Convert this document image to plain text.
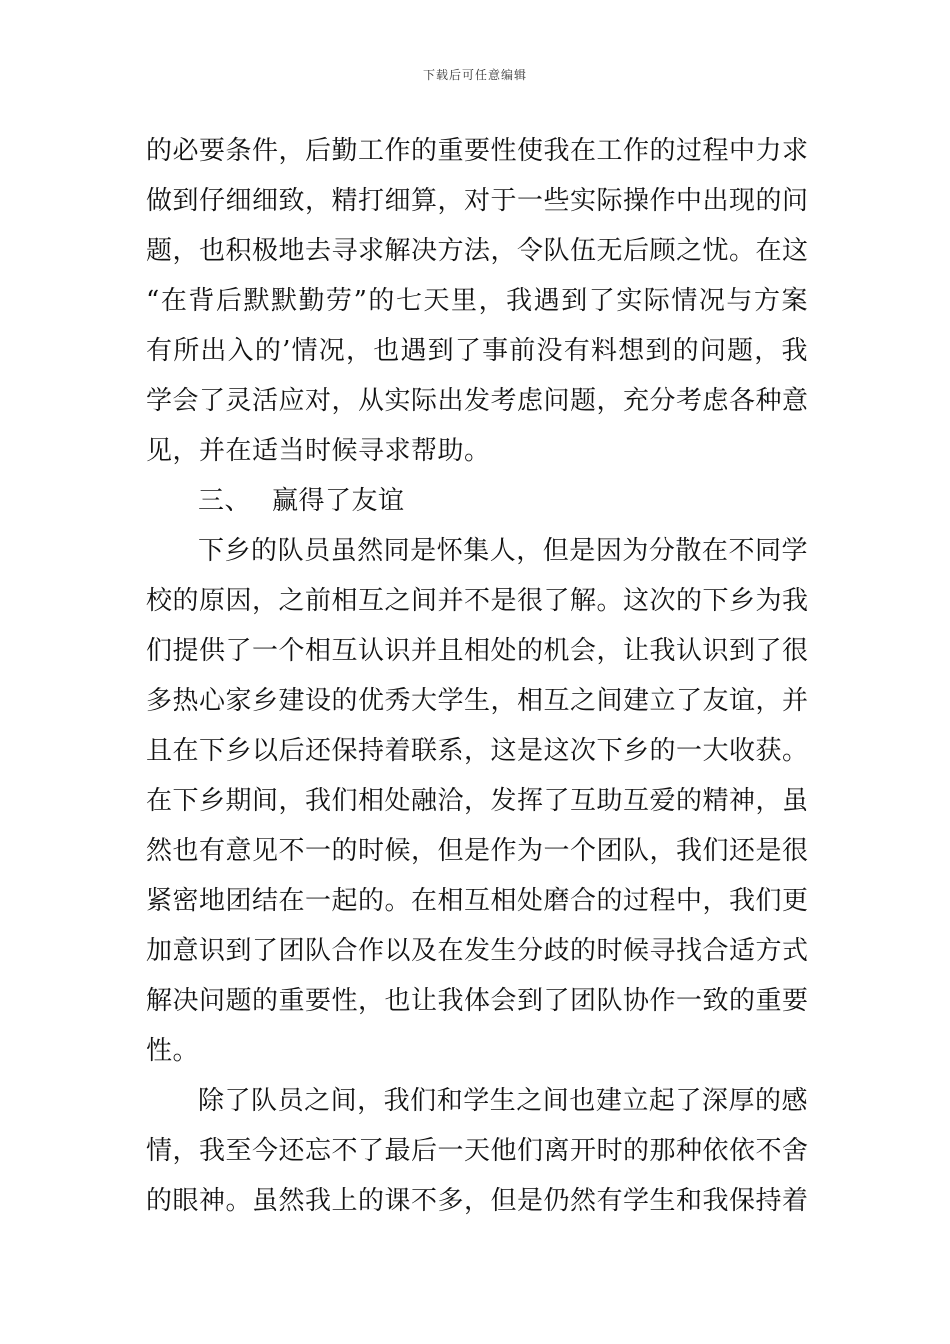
下载后可任意编辑
的必要条件，后勤工作的重要性使我在工作的过程中力求
做到仔细细致，精打细算，对于一些实际操作中出现的问
题，也积极地去寻求解决方法，令队伍无后顾之忧。在这
“在背后默默勤劳”的七天里，我遇到了实际情况与方案
有所出入的’情况，也遇到了事前没有料想到的问题，我
学会了灵活应对，从实际出发考虑问题，充分考虑各种意
见，并在适当时候寻求帮助。
三、 赢得了友谊
下乡的队员虽然同是怀集人，但是因为分散在不同学
校的原因，之前相互之间并不是很了解。这次的下乡为我
们提供了一个相互认识并且相处的机会，让我认识到了很
多热心家乡建设的优秀大学生，相互之间建立了友谊，并
且在下乡以后还保持着联系，这是这次下乡的一大收获。
在下乡期间，我们相处融洽，发挥了互助互爱的精神，虽
然也有意见不一的时候，但是作为一个团队，我们还是很
紧密地团结在一起的。在相互相处磨合的过程中，我们更
加意识到了团队合作以及在发生分歧的时候寻找合适方式
解决问题的重要性，也让我体会到了团队协作一致的重要
性。
除了队员之间，我们和学生之间也建立起了深厚的感
情，我至今还忘不了最后一天他们离开时的那种依依不舍
的眼神。虽然我上的课不多，但是仍然有学生和我保持着
